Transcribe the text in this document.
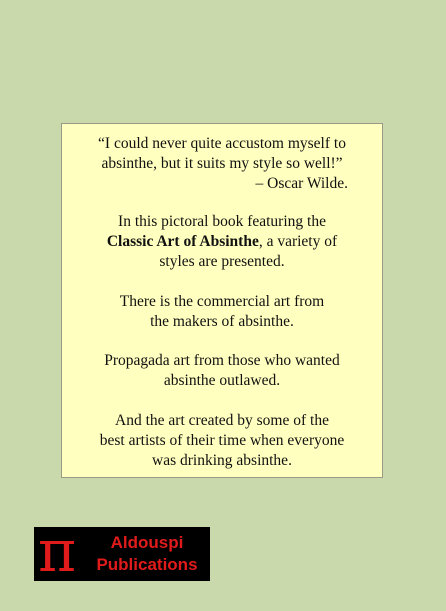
“I could never quite accustom myself to
absinthe, but it suits my style so well!”
– Oscar Wilde.
In this pictoral book featuring the
Classic Art of Absinthe, a variety of
styles are presented.
There is the commercial art from
the makers of absinthe.
Propagada art from those who wanted
absinthe outlawed.
And the art created by some of the
best artists of their time when everyone
was drinking absinthe.
π	Aldouspi
Publications
